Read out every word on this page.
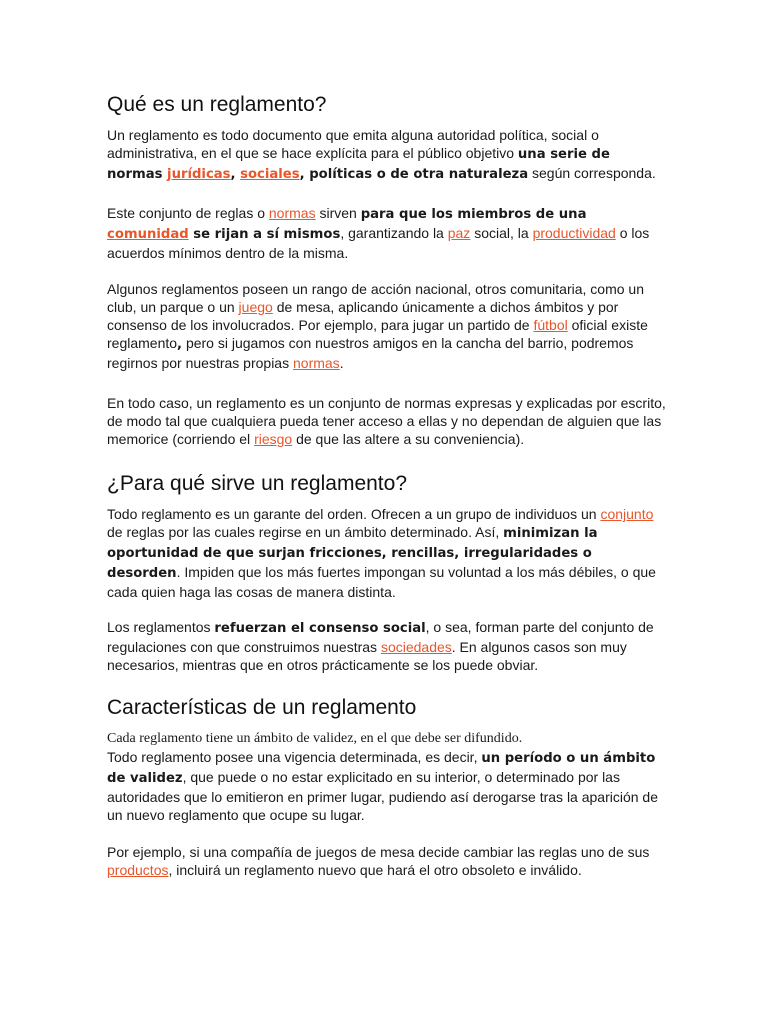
Qué es un reglamento?

Un reglamento es todo documento que emita alguna autoridad política, social o administrativa, en el que se hace explícita para el público objetivo una serie de normas jurídicas, sociales, políticas o de otra naturaleza según corresponda.

Este conjunto de reglas o normas sirven para que los miembros de una comunidad se rijan a sí mismos, garantizando la paz social, la productividad o los acuerdos mínimos dentro de la misma.

Algunos reglamentos poseen un rango de acción nacional, otros comunitaria, como un club, un parque o un juego de mesa, aplicando únicamente a dichos ámbitos y por consenso de los involucrados. Por ejemplo, para jugar un partido de fútbol oficial existe reglamento, pero si jugamos con nuestros amigos en la cancha del barrio, podremos regirnos por nuestras propias normas.

En todo caso, un reglamento es un conjunto de normas expresas y explicadas por escrito, de modo tal que cualquiera pueda tener acceso a ellas y no dependan de alguien que las memorice (corriendo el riesgo de que las altere a su conveniencia).

¿Para qué sirve un reglamento?

Todo reglamento es un garante del orden. Ofrecen a un grupo de individuos un conjunto de reglas por las cuales regirse en un ámbito determinado. Así, minimizan la oportunidad de que surjan fricciones, rencillas, irregularidades o desorden. Impiden que los más fuertes impongan su voluntad a los más débiles, o que cada quien haga las cosas de manera distinta.

Los reglamentos refuerzan el consenso social, o sea, forman parte del conjunto de regulaciones con que construimos nuestras sociedades. En algunos casos son muy necesarios, mientras que en otros prácticamente se los puede obviar.

Características de un reglamento

Cada reglamento tiene un ámbito de validez, en el que debe ser difundido.

Todo reglamento posee una vigencia determinada, es decir, un período o un ámbito de validez, que puede o no estar explicitado en su interior, o determinado por las autoridades que lo emitieron en primer lugar, pudiendo así derogarse tras la aparición de un nuevo reglamento que ocupe su lugar.

Por ejemplo, si una compañía de juegos de mesa decide cambiar las reglas uno de sus productos, incluirá un reglamento nuevo que hará el otro obsoleto e inválido.
